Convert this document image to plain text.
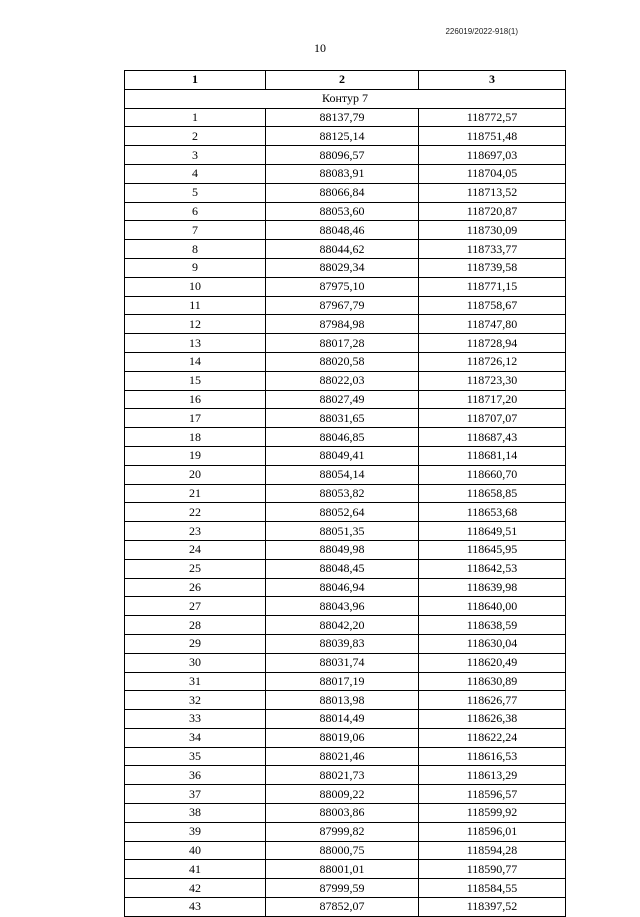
226019/2022-918(1)
10
1	2	3
Контур 7		
1	88137,79	118772,57
2	88125,14	118751,48
3	88096,57	118697,03
4	88083,91	118704,05
5	88066,84	118713,52
6	88053,60	118720,87
7	88048,46	118730,09
8	88044,62	118733,77
9	88029,34	118739,58
10	87975,10	118771,15
11	87967,79	118758,67
12	87984,98	118747,80
13	88017,28	118728,94
14	88020,58	118726,12
15	88022,03	118723,30
16	88027,49	118717,20
17	88031,65	118707,07
18	88046,85	118687,43
19	88049,41	118681,14
20	88054,14	118660,70
21	88053,82	118658,85
22	88052,64	118653,68
23	88051,35	118649,51
24	88049,98	118645,95
25	88048,45	118642,53
26	88046,94	118639,98
27	88043,96	118640,00
28	88042,20	118638,59
29	88039,83	118630,04
30	88031,74	118620,49
31	88017,19	118630,89
32	88013,98	118626,77
33	88014,49	118626,38
34	88019,06	118622,24
35	88021,46	118616,53
36	88021,73	118613,29
37	88009,22	118596,57
38	88003,86	118599,92
39	87999,82	118596,01
40	88000,75	118594,28
41	88001,01	118590,77
42	87999,59	118584,55
43	87852,07	118397,52
